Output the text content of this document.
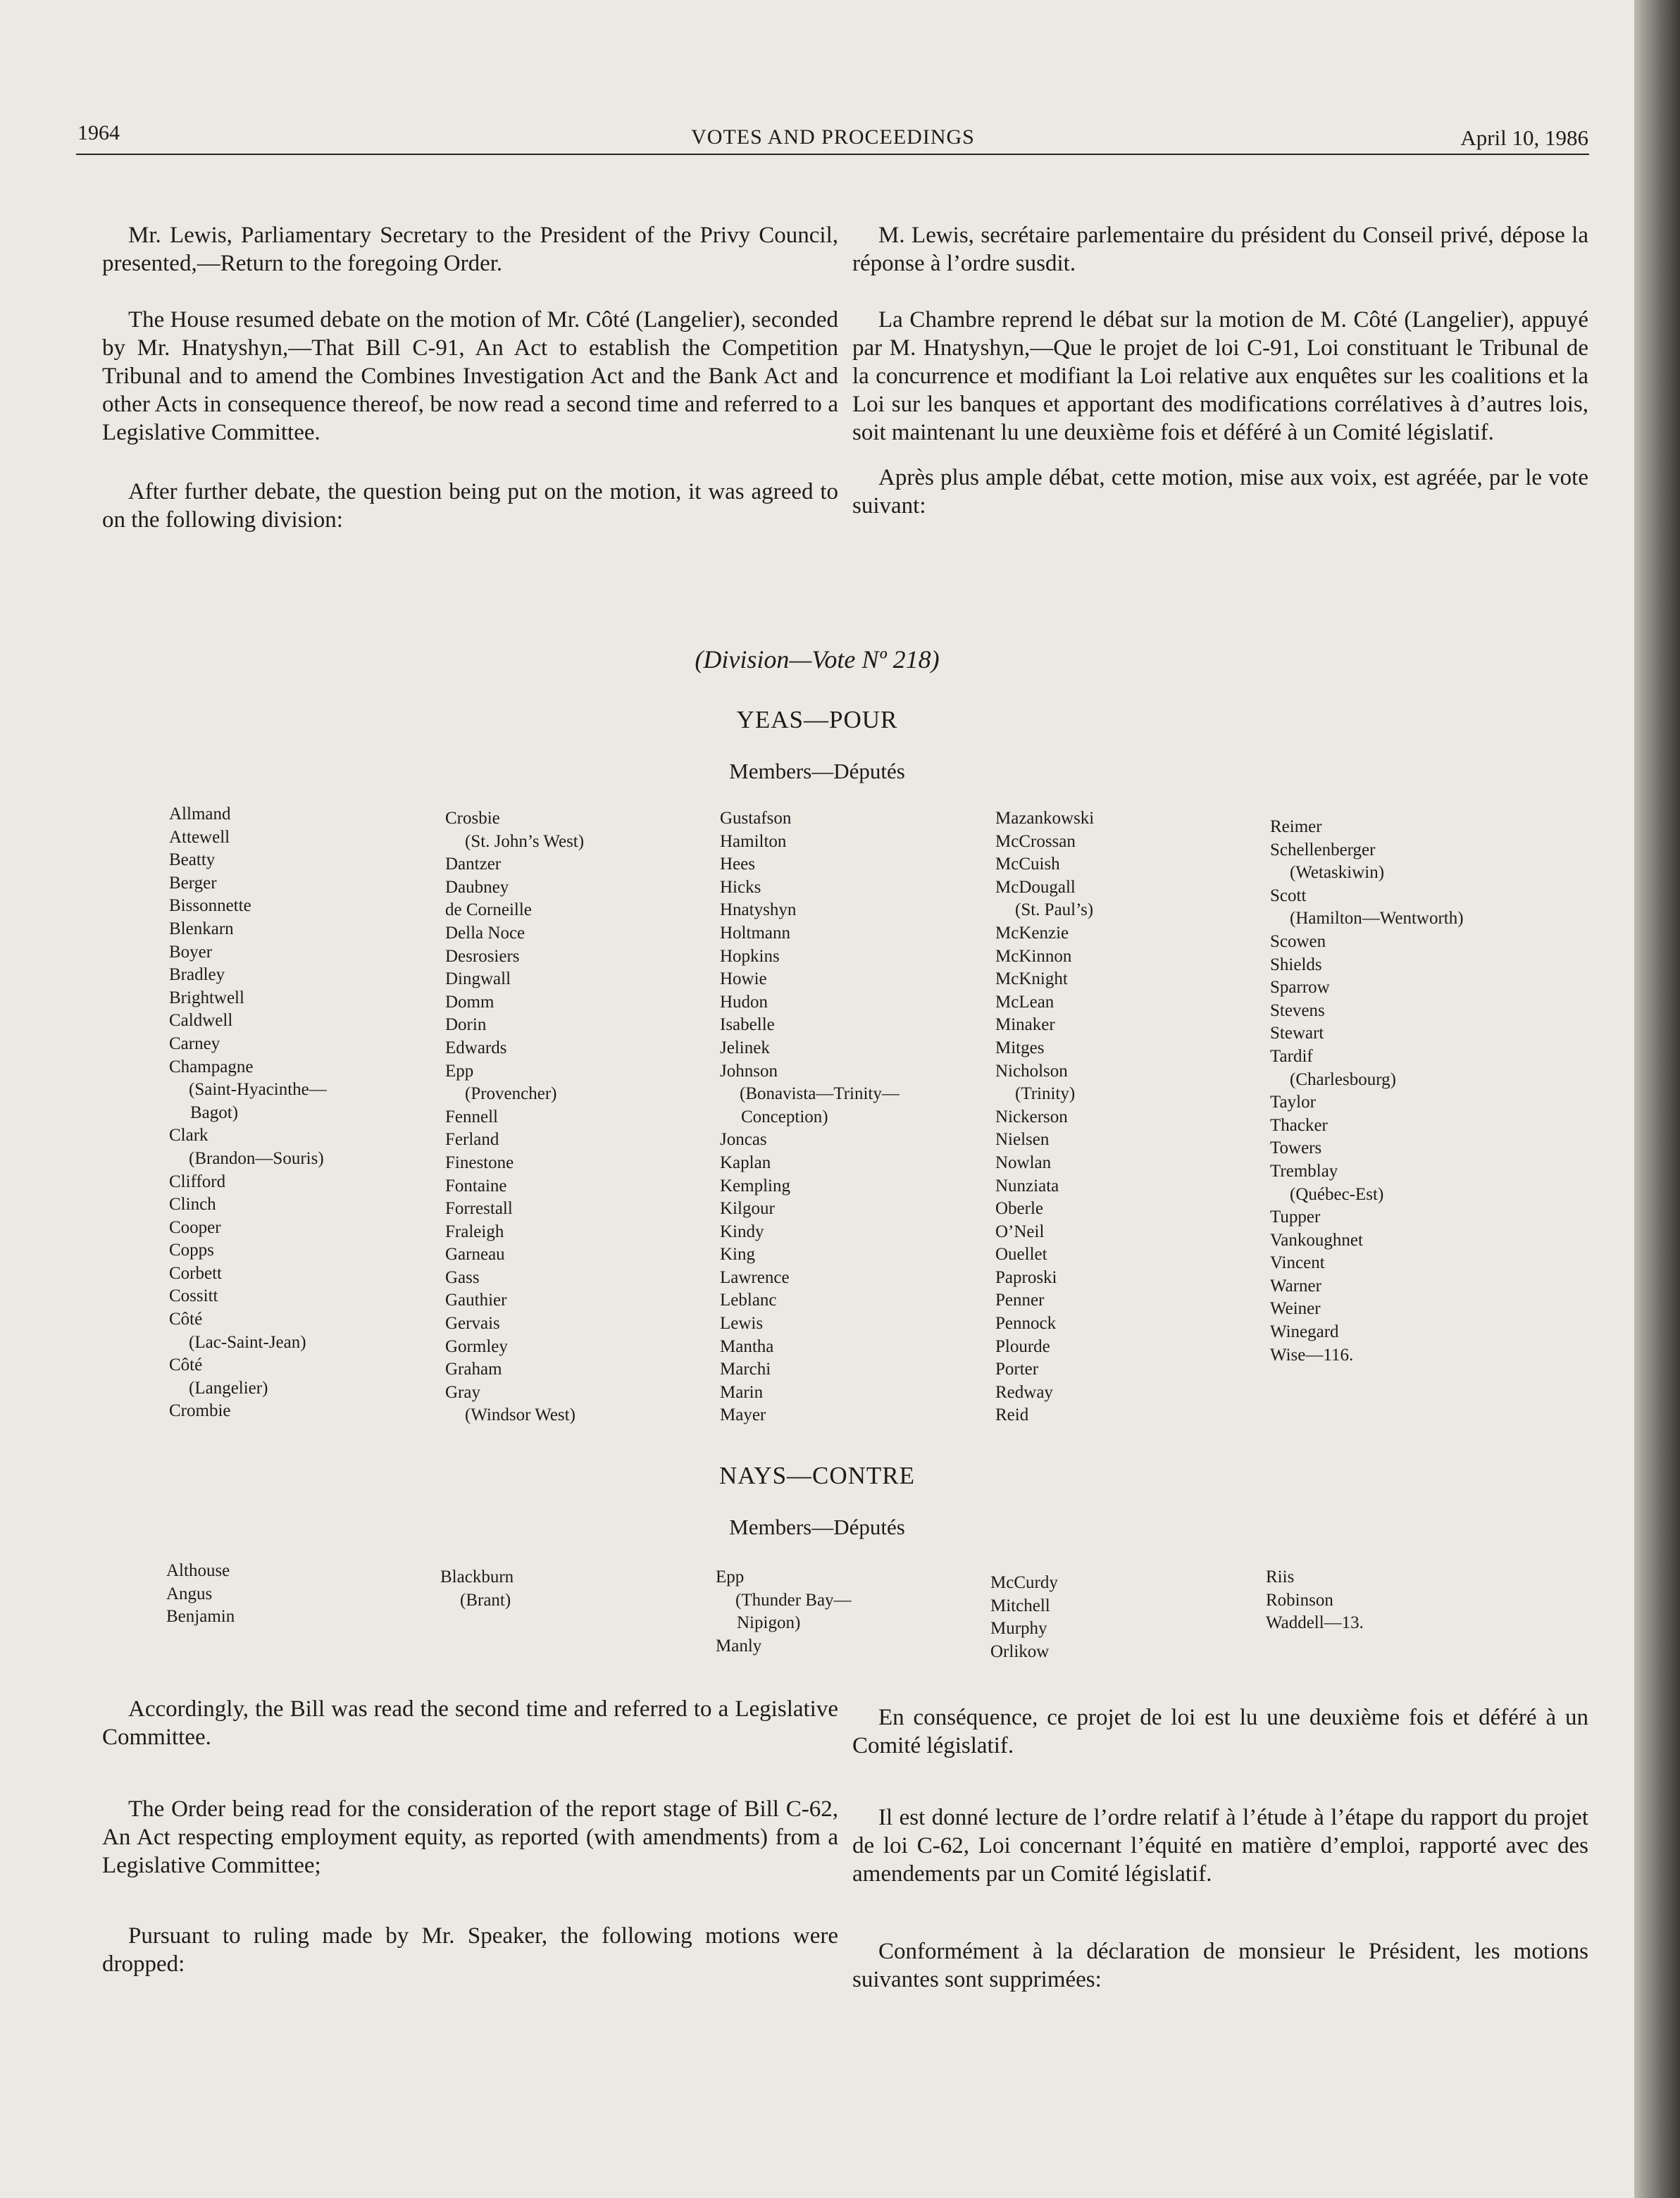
1964	VOTES AND PROCEEDINGS	April 10, 1986

Mr. Lewis, Parliamentary Secretary to the President of the Privy Council, presented,—Return to the foregoing Order.

The House resumed debate on the motion of Mr. Côté (Langelier), seconded by Mr. Hnatyshyn,—That Bill C-91, An Act to establish the Competition Tribunal and to amend the Combines Investigation Act and the Bank Act and other Acts in consequence thereof, be now read a second time and referred to a Legislative Committee.

After further debate, the question being put on the motion, it was agreed to on the following division:

M. Lewis, secrétaire parlementaire du président du Conseil privé, dépose la réponse à l’ordre susdit.

La Chambre reprend le débat sur la motion de M. Côté (Langelier), appuyé par M. Hnatyshyn,—Que le projet de loi C-91, Loi constituant le Tribunal de la concurrence et modifiant la Loi relative aux enquêtes sur les coalitions et la Loi sur les banques et apportant des modifications corrélatives à d’autres lois, soit maintenant lu une deuxième fois et déféré à un Comité législatif.

Après plus ample débat, cette motion, mise aux voix, est agréée, par le vote suivant:

(Division—Vote Nº 218)
YEAS—POUR
Members—Députés
Allmand
Attewell
Beatty
Berger
Bissonnette
Blenkarn
Boyer
Bradley
Brightwell
Caldwell
Carney
Champagne
(Saint-Hyacinthe—
Bagot)
Clark
(Brandon—Souris)
Clifford
Clinch
Cooper
Copps
Corbett
Cossitt
Côté
(Lac-Saint-Jean)
Côté
(Langelier)
Crombie
Crosbie
(St. John’s West)
Dantzer
Daubney
de Corneille
Della Noce
Desrosiers
Dingwall
Domm
Dorin
Edwards
Epp
(Provencher)
Fennell
Ferland
Finestone
Fontaine
Forrestall
Fraleigh
Garneau
Gass
Gauthier
Gervais
Gormley
Graham
Gray
(Windsor West)
Gustafson
Hamilton
Hees
Hicks
Hnatyshyn
Holtmann
Hopkins
Howie
Hudon
Isabelle
Jelinek
Johnson
(Bonavista—Trinity—
Conception)
Joncas
Kaplan
Kempling
Kilgour
Kindy
King
Lawrence
Leblanc
Lewis
Mantha
Marchi
Marin
Mayer
Mazankowski
McCrossan
McCuish
McDougall
(St. Paul’s)
McKenzie
McKinnon
McKnight
McLean
Minaker
Mitges
Nicholson
(Trinity)
Nickerson
Nielsen
Nowlan
Nunziata
Oberle
O’Neil
Ouellet
Paproski
Penner
Pennock
Plourde
Porter
Redway
Reid
Reimer
Schellenberger
(Wetaskiwin)
Scott
(Hamilton—Wentworth)
Scowen
Shields
Sparrow
Stevens
Stewart
Tardif
(Charlesbourg)
Taylor
Thacker
Towers
Tremblay
(Québec-Est)
Tupper
Vankoughnet
Vincent
Warner
Weiner
Winegard
Wise—116.
NAYS—CONTRE
Members—Députés
Althouse
Angus
Benjamin
Blackburn
(Brant)
Epp
(Thunder Bay—
Nipigon)
Manly
McCurdy
Mitchell
Murphy
Orlikow
Riis
Robinson
Waddell—13.

Accordingly, the Bill was read the second time and referred to a Legislative Committee.

The Order being read for the consideration of the report stage of Bill C-62, An Act respecting employment equity, as reported (with amendments) from a Legislative Committee;

Pursuant to ruling made by Mr. Speaker, the following motions were dropped:

En conséquence, ce projet de loi est lu une deuxième fois et déféré à un Comité législatif.

Il est donné lecture de l’ordre relatif à l’étude à l’étape du rapport du projet de loi C-62, Loi concernant l’équité en matière d’emploi, rapporté avec des amendements par un Comité législatif.

Conformément à la déclaration de monsieur le Président, les motions suivantes sont supprimées:
